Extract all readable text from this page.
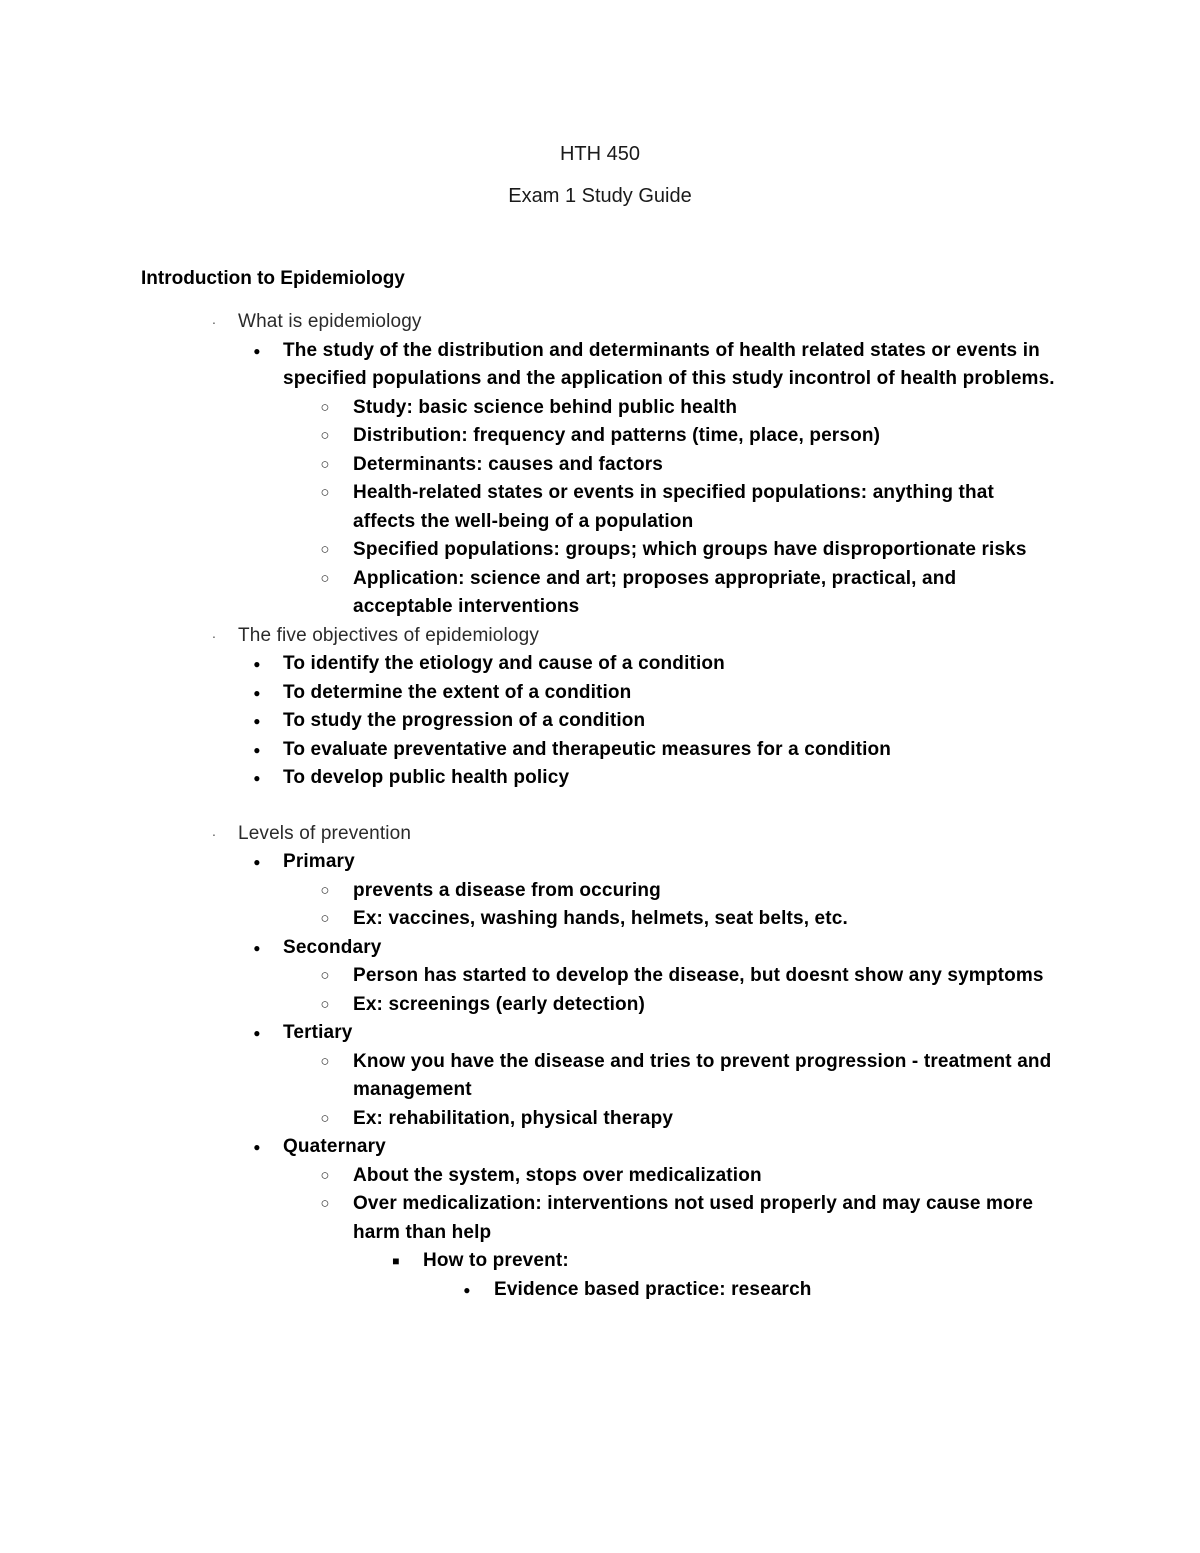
HTH 450
Exam 1 Study Guide
Introduction to Epidemiology
·	What is epidemiology
●	The study of the distribution and determinants of health related states or events in specified populations and the application of this study incontrol of health problems.
○ Study: basic science behind public health
○ Distribution: frequency and patterns (time, place, person)
○ Determinants: causes and factors
○ Health-related states or events in specified populations: anything that affects the well-being of a population
○ Specified populations: groups; which groups have disproportionate risks
○ Application: science and art; proposes appropriate, practical, and acceptable interventions
·	The five objectives of epidemiology
●	To identify the etiology and cause of a condition
●	To determine the extent of a condition
●	To study the progression of a condition
●	To evaluate preventative and therapeutic measures for a condition
●	To develop public health policy
·	Levels of prevention
●	Primary
○ prevents a disease from occuring
○ Ex: vaccines, washing hands, helmets, seat belts, etc.
●	Secondary
○ Person has started to develop the disease, but doesnt show any symptoms
○ Ex: screenings (early detection)
●	Tertiary
○ Know you have the disease and tries to prevent progression - treatment and management
○ Ex: rehabilitation, physical therapy
●	Quaternary
○ About the system, stops over medicalization
○ Over medicalization: interventions not used properly and may cause more harm than help
■	How to prevent:
●	Evidence based practice: research
